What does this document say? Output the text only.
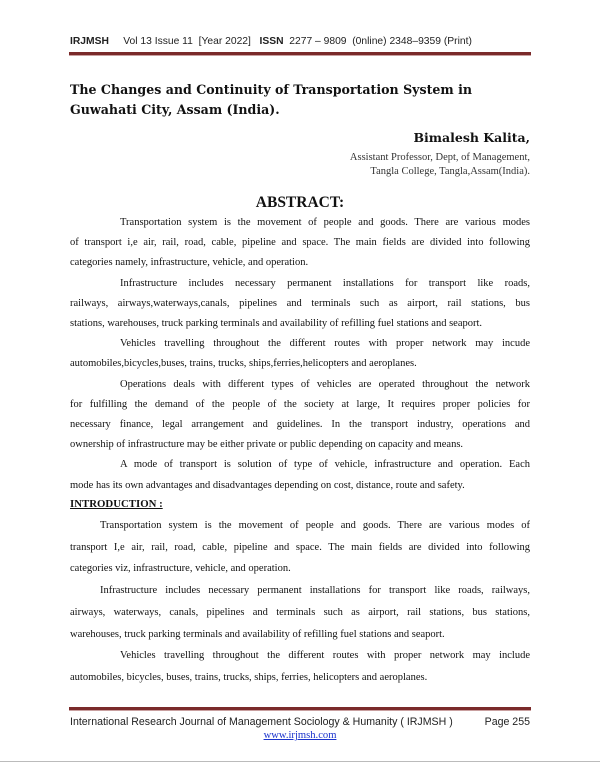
IRJMSH Vol 13 Issue 11  [Year 2022] ISSN 2277 – 9809  (0nline) 2348–9359 (Print)
The Changes and Continuity of Transportation System in Guwahati City, Assam (India).
Bimalesh Kalita,
Assistant Professor, Dept, of Management,
Tangla College, Tangla,Assam(India).
ABSTRACT:
Transportation system is the movement of people and goods. There are various modes
of transport i,e air, rail, road, cable, pipeline and space. The main fields are divided into following
categories namely, infrastructure, vehicle, and operation.
Infrastructure includes necessary permanent installations for transport like roads,
railways, airways,waterways,canals, pipelines and terminals such as airport, rail stations, bus
stations, warehouses, truck parking terminals and availability of refilling fuel stations and seaport.
Vehicles travelling throughout the different routes with proper network may incude
automobiles,bicycles,buses, trains, trucks, ships,ferries,helicopters and aeroplanes.
Operations deals with different types of vehicles are operated throughout the network
for fulfilling the demand of the people of the society at large, It requires proper policies for
necessary finance, legal arrangement and guidelines. In the transport industry, operations and
ownership of infrastructure may be either private or public depending on capacity and means.
A mode of transport is solution of type of vehicle, infrastructure and operation. Each
mode has its own advantages and disadvantages depending on cost, distance, route and safety.
INTRODUCTION :
Transportation system is the movement of people and goods. There are various modes of
transport I,e air, rail, road, cable, pipeline and space. The main fields are divided into following
categories viz, infrastructure, vehicle, and operation.
Infrastructure includes necessary permanent installations for transport like roads, railways,
airways, waterways, canals, pipelines and terminals such as airport, rail stations, bus stations,
warehouses, truck parking terminals and availability of refilling fuel stations and seaport.
Vehicles travelling throughout the different routes with proper network may include
automobiles, bicycles, buses, trains, trucks, ships, ferries, helicopters and aeroplanes.
International Research Journal of Management Sociology & Humanity ( IRJMSH )	Page 255
www.irjmsh.com
